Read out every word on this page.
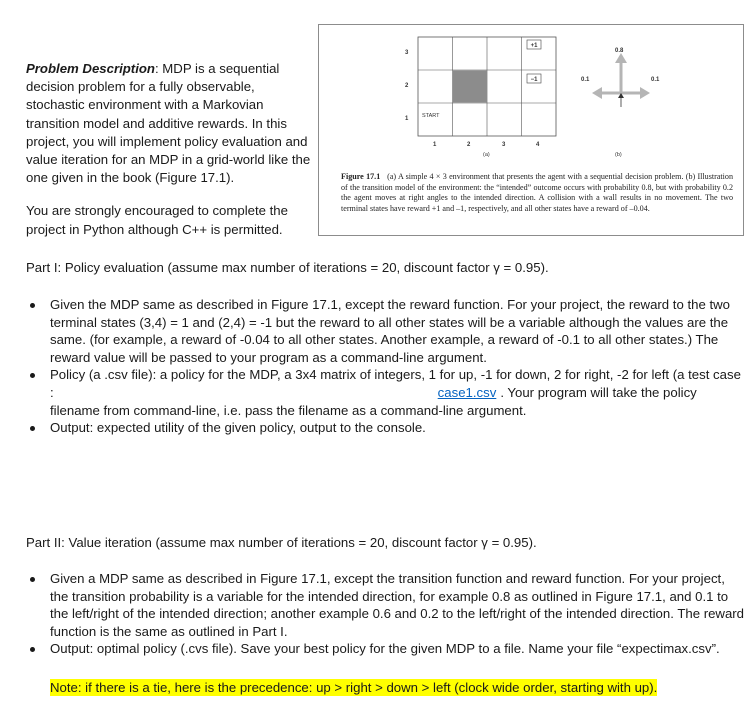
Problem Description: MDP is a sequential decision problem for a fully observable, stochastic environment with a Markovian transition model and additive rewards. In this project, you will implement policy evaluation and value iteration for an MDP in a grid-world like the one given in the book (Figure 17.1).

You are strongly encouraged to complete the project in Python although C++ is permitted.

+1
−1
START
3
2
1
1	2	3	4
(a)
0.8
0.1	0.1
(b)
Figure 17.1 (a) A simple 4 × 3 environment that presents the agent with a sequential decision problem. (b) Illustration of the transition model of the environment: the “intended” outcome occurs with probability 0.8, but with probability 0.2 the agent moves at right angles to the intended direction. A collision with a wall results in no movement. The two terminal states have reward +1 and –1, respectively, and all other states have a reward of –0.04.
Part I: Policy evaluation (assume max number of iterations = 20, discount factor γ = 0.95).
Given the MDP same as described in Figure 17.1, except the reward function. For your project, the reward to the two terminal states (3,4) = 1 and (2,4) = -1 but the reward to all other states will be a variable although the values are the same. (for example, a reward of -0.04 to all other states. Another example, a reward of -0.1 to all other states.) The reward value will be passed to your program as a command-line argument.
Policy (a .csv file): a policy for the MDP, a 3x4 matrix of integers, 1 for up, -1 for down, 2 for right, -2 for left (a test case :	case1.csv . Your program will take the policy filename from command-line, i.e. pass the filename as a command-line argument.
Output: expected utility of the given policy, output to the console.
Part II: Value iteration (assume max number of iterations = 20, discount factor γ = 0.95).
Given a MDP same as described in Figure 17.1, except the transition function and reward function. For your project, the transition probability is a variable for the intended direction, for example 0.8 as outlined in Figure 17.1, and 0.1 to the left/right of the intended direction; another example 0.6 and 0.2 to the left/right of the intended direction. The reward function is the same as outlined in Part I.
Output: optimal policy (.cvs file). Save your best policy for the given MDP to a file. Name your file “expectimax.csv”.
Note: if there is a tie, here is the precedence: up > right > down > left (clock wide order, starting with up).
